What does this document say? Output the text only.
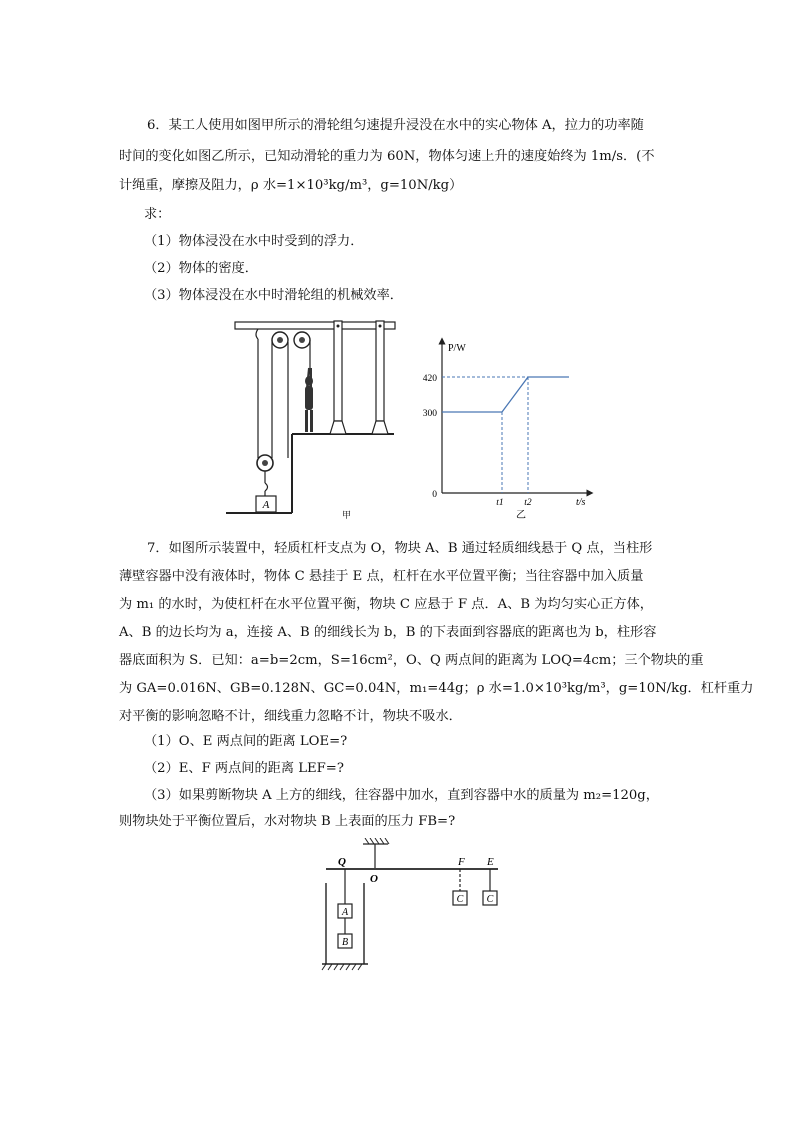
6．某工人使用如图甲所示的滑轮组匀速提升浸没在水中的实心物体 A，拉力的功率随
时间的变化如图乙所示，已知动滑轮的重力为 60N，物体匀速上升的速度始终为 1m/s．(不
计绳重，摩擦及阻力，ρ 水=1×10³kg/m³，g=10N/kg）
求：
（1）物体浸没在水中时受到的浮力．
（2）物体的密度．
（3）物体浸没在水中时滑轮组的机械效率．
A
甲
P/W
t/s
420
300
0
t1 t2
乙
7．如图所示装置中，轻质杠杆支点为 O，物块 A、B 通过轻质细线悬于 Q 点，当柱形
薄壁容器中没有液体时，物体 C 悬挂于 E 点，杠杆在水平位置平衡；当往容器中加入质量
为 m₁ 的水时，为使杠杆在水平位置平衡，物块 C 应悬于 F 点．A、B 为均匀实心正方体，
A、B 的边长均为 a，连接 A、B 的细线长为 b，B 的下表面到容器底的距离也为 b，柱形容
器底面积为 S．已知：a=b=2cm，S=16cm²，O、Q 两点间的距离为 LOQ=4cm；三个物块的重
为 GA=0.016N、GB=0.128N、GC=0.04N，m₁=44g；ρ 水=1.0×10³kg/m³，g=10N/kg．杠杆重力
对平衡的影响忽略不计，细线重力忽略不计，物块不吸水．
（1）O、E 两点间的距离 LOE=?
（2）E、F 两点间的距离 LEF=?
（3）如果剪断物块 A 上方的细线，往容器中加水，直到容器中水的质量为 m₂=120g，
则物块处于平衡位置后，水对物块 B 上表面的压力 FB=?
Q
O
F E
A
B
C C
